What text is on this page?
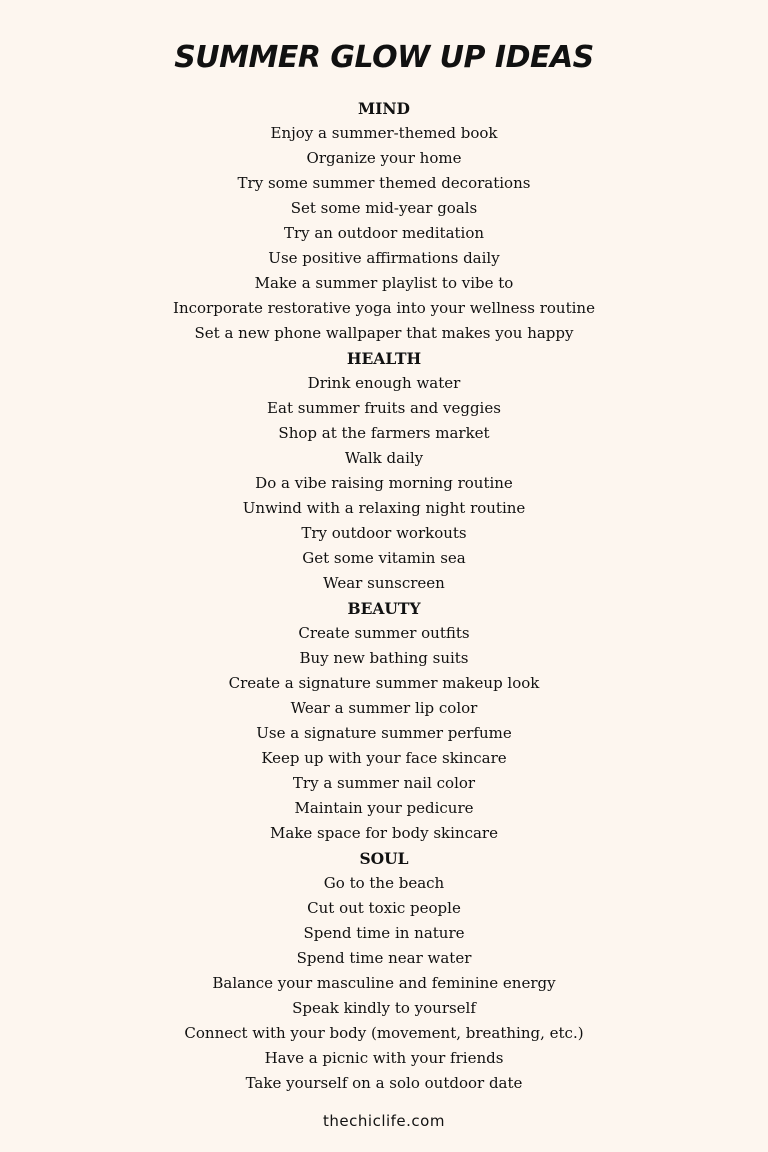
SUMMER GLOW UP IDEAS
MIND
Enjoy a summer-themed book
Organize your home
Try some summer themed decorations
Set some mid-year goals
Try an outdoor meditation
Use positive affirmations daily
Make a summer playlist to vibe to
Incorporate restorative yoga into your wellness routine
Set a new phone wallpaper that makes you happy
HEALTH
Drink enough water
Eat summer fruits and veggies
Shop at the farmers market
Walk daily
Do a vibe raising morning routine
Unwind with a relaxing night routine
Try outdoor workouts
Get some vitamin sea
Wear sunscreen
BEAUTY
Create summer outfits
Buy new bathing suits
Create a signature summer makeup look
Wear a summer lip color
Use a signature summer perfume
Keep up with your face skincare
Try a summer nail color
Maintain your pedicure
Make space for body skincare
SOUL
Go to the beach
Cut out toxic people
Spend time in nature
Spend time near water
Balance your masculine and feminine energy
Speak kindly to yourself
Connect with your body (movement, breathing, etc.)
Have a picnic with your friends
Take yourself on a solo outdoor date
thechiclife.com
